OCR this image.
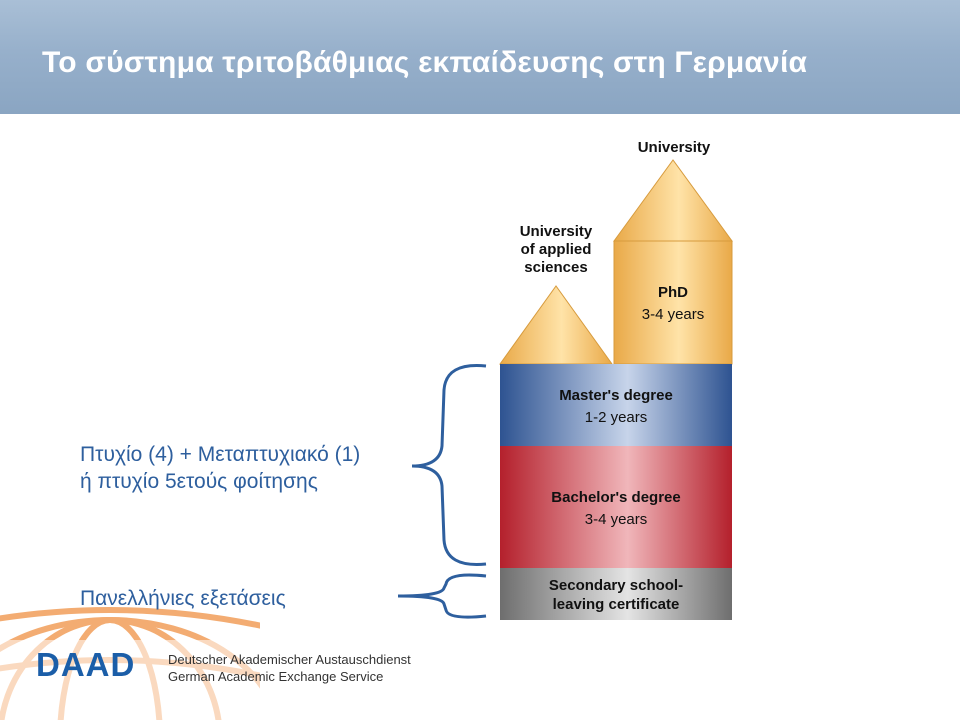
Το σύστημα τριτοβάθμιας εκπαίδευσης στη Γερμανία
University
University
of applied
sciences
PhD
3-4 years
Master's degree
1-2 years
Bachelor's degree
3-4 years
Secondary school-
leaving certificate
Πτυχίο (4) + Μεταπτυχιακό (1)
ή πτυχίο 5ετούς φοίτησης
Πανελλήνιες εξετάσεις
DAAD	Deutscher Akademischer Austauschdienst
German Academic Exchange Service
